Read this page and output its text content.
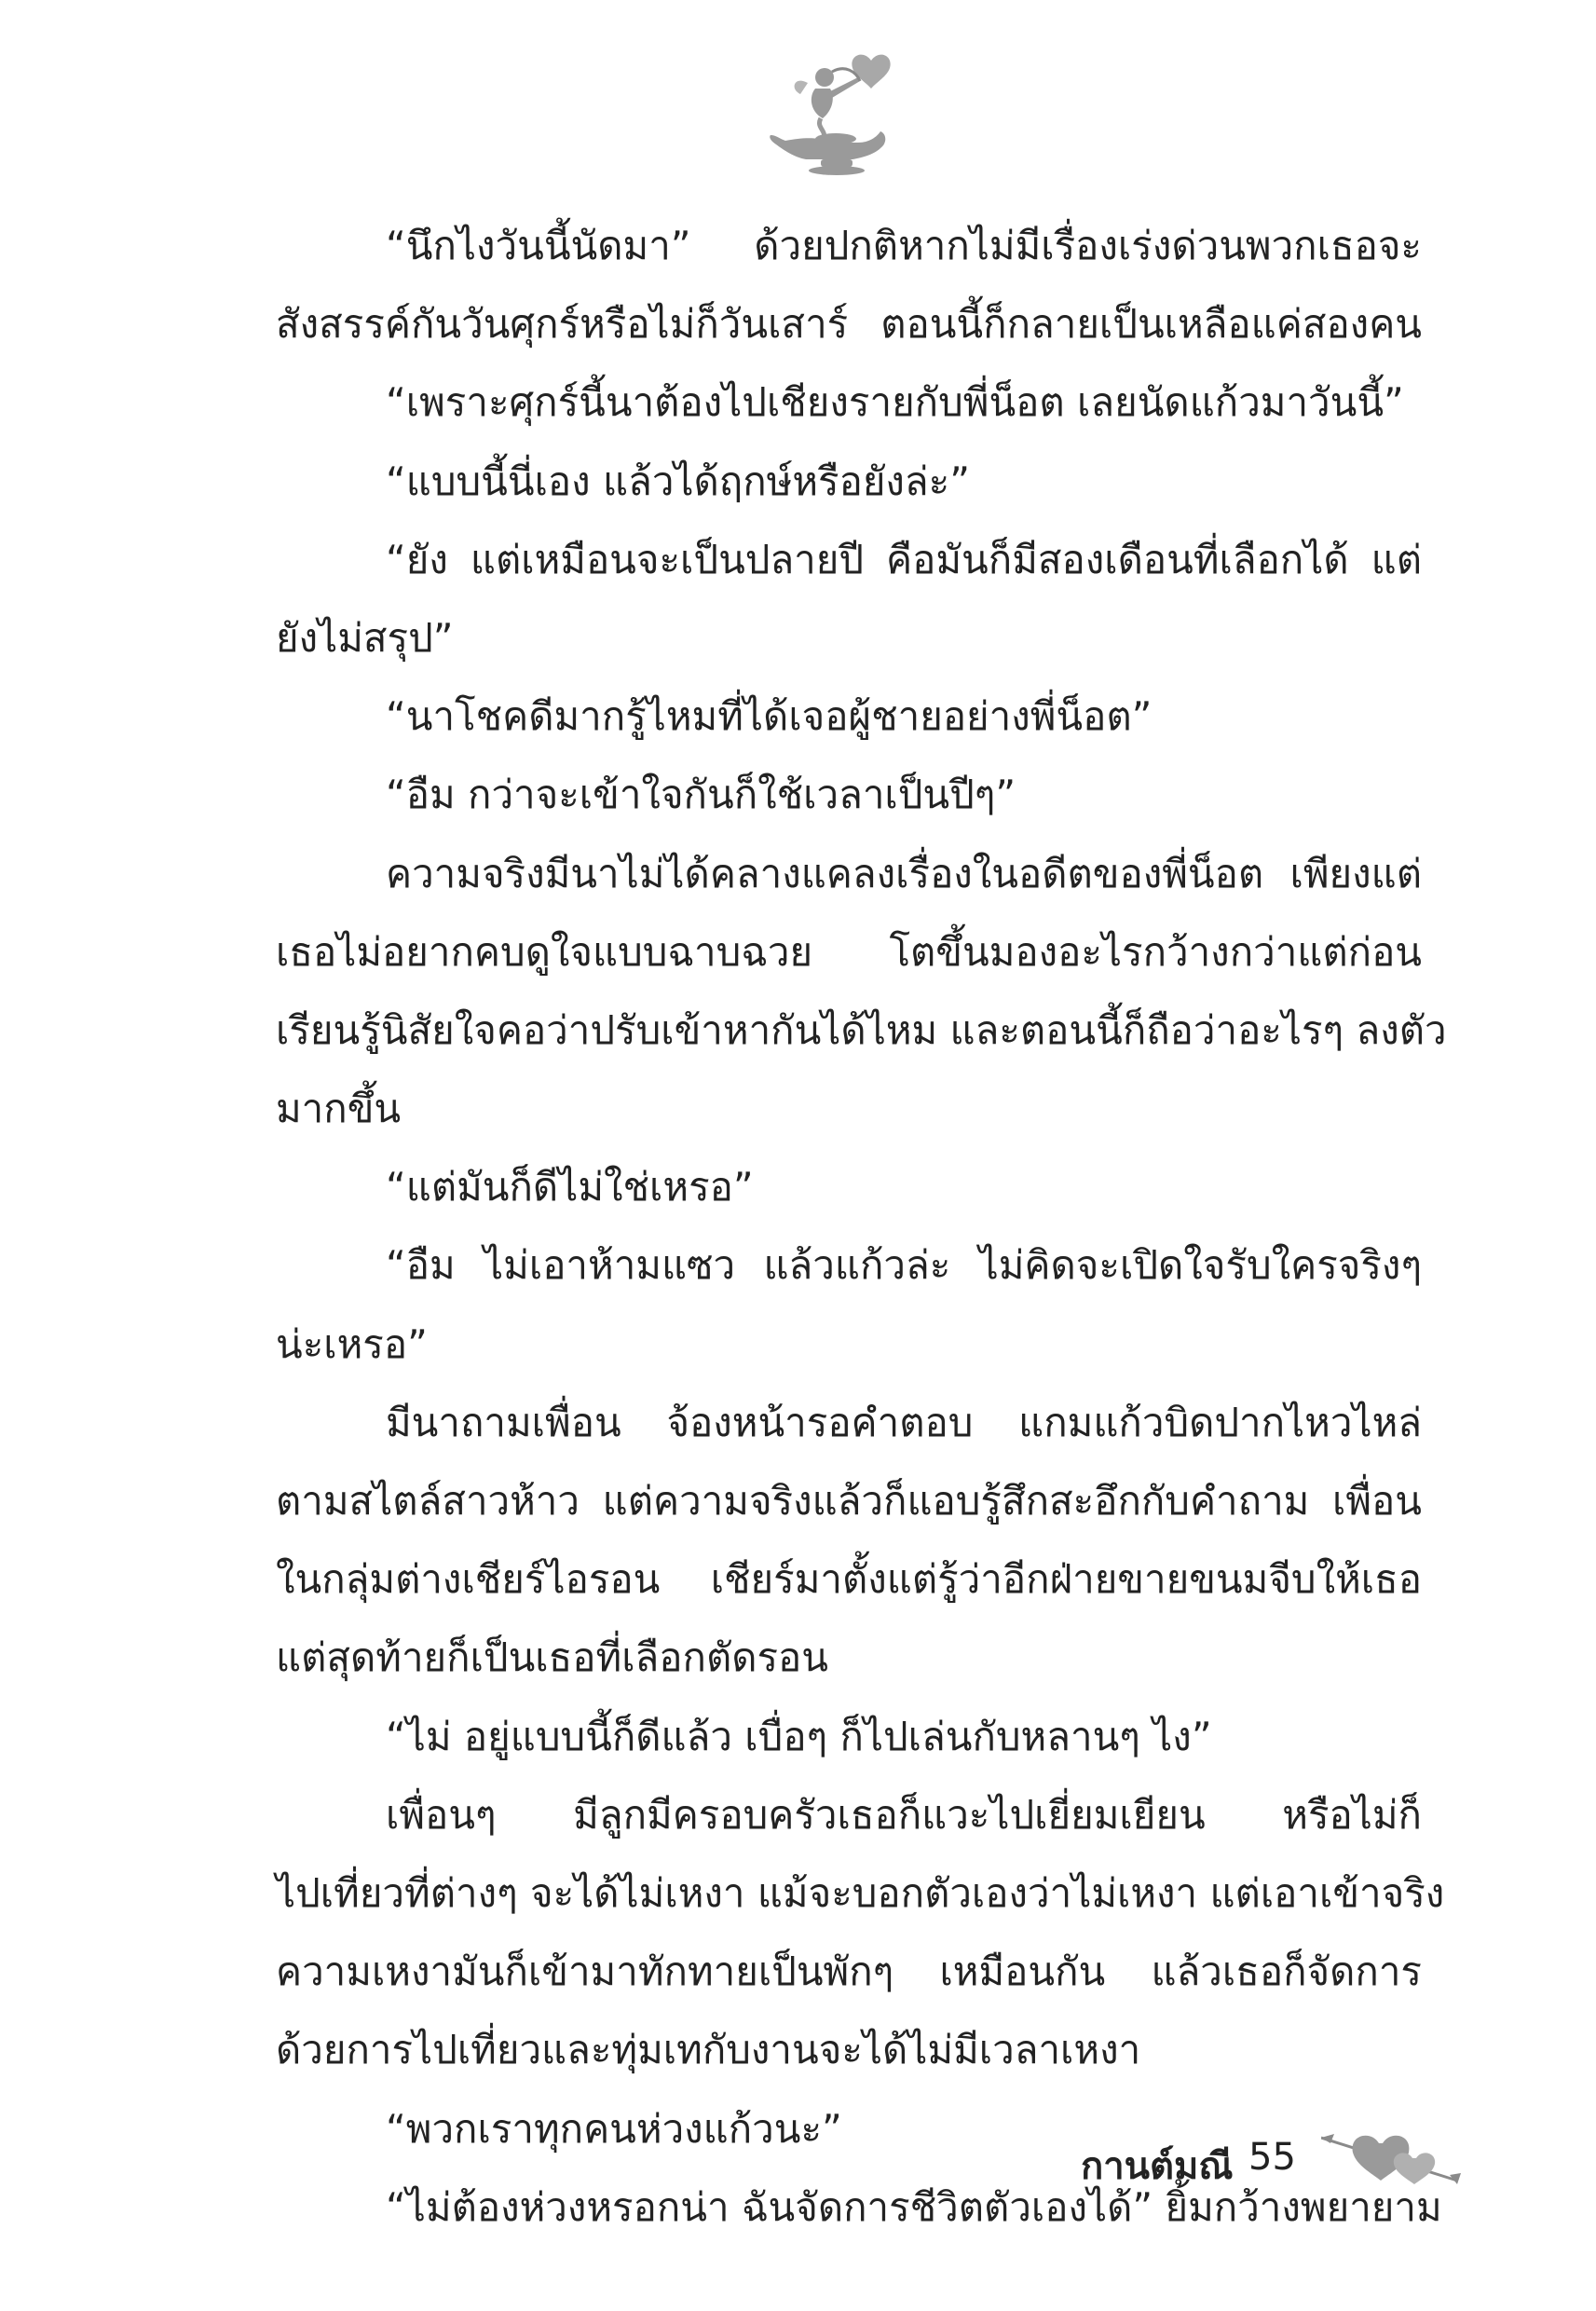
“นึกไงวันนี้นัดมา” ด้วยปกติหากไม่มีเรื่องเร่งด่วนพวกเธอจะ
สังสรรค์กันวันศุกร์หรือไม่ก็วันเสาร์ ตอนนี้ก็กลายเป็นเหลือแค่สองคน
“เพราะศุกร์นี้นาต้องไปเชียงรายกับพี่น็อต เลยนัดแก้วมาวันนี้”
“แบบนี้นี่เอง แล้วได้ฤกษ์หรือยังล่ะ”
“ยัง แต่เหมือนจะเป็นปลายปี คือมันก็มีสองเดือนที่เลือกได้ แต่
ยังไม่สรุป”
“นาโชคดีมากรู้ไหมที่ได้เจอผู้ชายอย่างพี่น็อต”
“อืม กว่าจะเข้าใจกันก็ใช้เวลาเป็นปีๆ”
ความจริงมีนาไม่ได้คลางแคลงเรื่องในอดีตของพี่น็อต เพียงแต่
เธอไม่อยากคบดูใจแบบฉาบฉวย โตขึ้นมองอะไรกว้างกว่าแต่ก่อน
เรียนรู้นิสัยใจคอว่าปรับเข้าหากันได้ไหม และตอนนี้ก็ถือว่าอะไรๆ ลงตัว
มากขึ้น
“แต่มันก็ดีไม่ใช่เหรอ”
“อืม ไม่เอาห้ามแซว แล้วแก้วล่ะ ไม่คิดจะเปิดใจรับใครจริงๆ
น่ะเหรอ”
มีนาถามเพื่อน จ้องหน้ารอคำตอบ แกมแก้วบิดปากไหวไหล่
ตามสไตล์สาวห้าว แต่ความจริงแล้วก็แอบรู้สึกสะอึกกับคำถาม เพื่อน
ในกลุ่มต่างเชียร์ไอรอน เชียร์มาตั้งแต่รู้ว่าอีกฝ่ายขายขนมจีบให้เธอ
แต่สุดท้ายก็เป็นเธอที่เลือกตัดรอน
“ไม่ อยู่แบบนี้ก็ดีแล้ว เบื่อๆ ก็ไปเล่นกับหลานๆ ไง”
เพื่อนๆ มีลูกมีครอบครัวเธอก็แวะไปเยี่ยมเยียน หรือไม่ก็
ไปเที่ยวที่ต่างๆ จะได้ไม่เหงา แม้จะบอกตัวเองว่าไม่เหงา แต่เอาเข้าจริง
ความเหงามันก็เข้ามาทักทายเป็นพักๆ เหมือนกัน แล้วเธอก็จัดการ
ด้วยการไปเที่ยวและทุ่มเทกับงานจะได้ไม่มีเวลาเหงา
“พวกเราทุกคนห่วงแก้วนะ”
“ไม่ต้องห่วงหรอกน่า ฉันจัดการชีวิตตัวเองได้” ยิ้มกว้างพยายาม
กานต์มณี 55
